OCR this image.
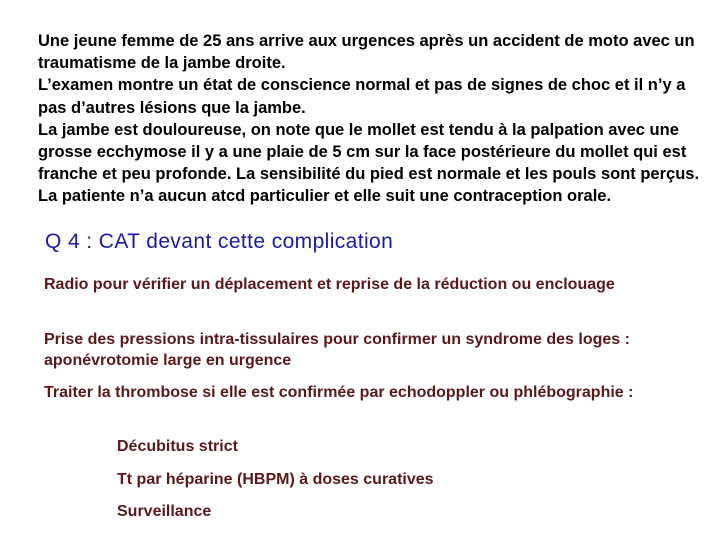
Une jeune femme de 25 ans arrive aux urgences après un accident de moto avec un traumatisme de la jambe droite.

L’examen montre un état de conscience normal et pas de signes de choc et il n’y a pas d’autres lésions que la jambe.

La jambe est douloureuse, on note que le mollet est tendu à la palpation avec une grosse ecchymose il y a une plaie de 5 cm sur la face postérieure du mollet qui est franche et peu profonde. La sensibilité du pied est normale et les pouls sont perçus. La patiente n’a aucun atcd particulier et elle suit une contraception orale.

Q 4 : CAT devant cette complication
Radio pour vérifier un déplacement et reprise de la réduction ou enclouage
Prise des pressions intra-tissulaires pour confirmer un syndrome des loges : aponévrotomie large en urgence
Traiter la thrombose si elle est confirmée par echodoppler ou phlébographie :
Décubitus strict
Tt par héparine (HBPM) à doses curatives
Surveillance
